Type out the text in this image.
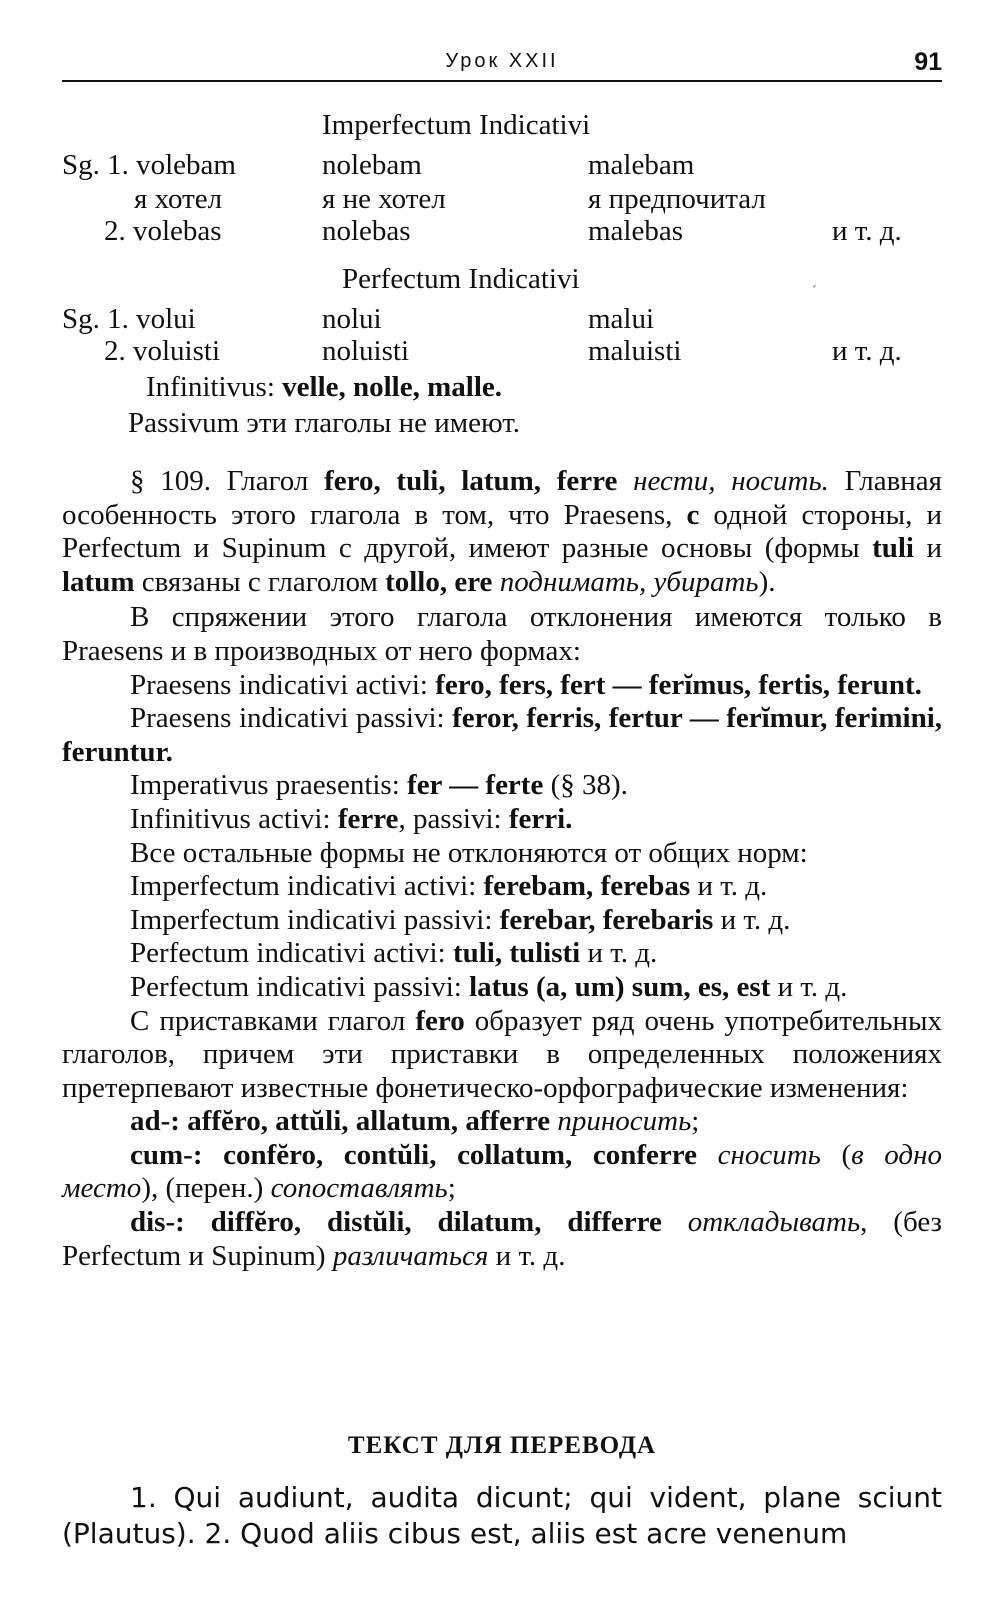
Урок XXII	91
Imperfectum Indicativi
Sg. 1. volebam	nolebam	malebam
я хотел	я не хотел	я предпочитал
2. volebas	nolebas	malebas	и т. д.
Perfectum Indicativi	ˊ
Sg. 1. volui	nolui	malui
2. voluisti	noluisti	maluisti	и т. д.
Infinitivus: velle, nolle, malle.
Passivum эти глаголы не имеют.

§ 109. Глагол fero, tuli, latum, ferre нести, носить. Главная особенность этого глагола в том, что Praesens, с одной стороны, и Perfectum и Supinum с другой, имеют разные основы (формы tuli и latum связаны с глаголом tollo, ere поднимать, убирать).

В спряжении этого глагола отклонения имеются только в Praesens и в производных от него формах:

Praesens indicativi activi: fero, fers, fert — ferĭmus, fertis, ferunt.

Praesens indicativi passivi: feror, ferris, fertur — ferĭmur, ferimini, feruntur.

Imperativus praesentis: fer — ferte (§ 38).

Infinitivus activi: ferre, passivi: ferri.

Все остальные формы не отклоняются от общих норм:

Imperfectum indicativi activi: ferebam, ferebas и т. д.

Imperfectum indicativi passivi: ferebar, ferebaris и т. д.

Perfectum indicativi activi: tuli, tulisti и т. д.

Perfectum indicativi passivi: latus (a, um) sum, es, est и т. д.

С приставками глагол fero образует ряд очень употребительных глаголов, причем эти приставки в определенных положениях претерпевают известные фонетическо-орфографические изменения:

ad-: affĕro, attŭli, allatum, afferre приносить;

cum-: confĕro, contŭli, collatum, conferre сносить (в одно место), (перен.) сопоставлять;

dis-: diffĕro, distŭli, dilatum, differre откладывать, (без Perfectum и Supinum) различаться и т. д.

ТЕКСТ ДЛЯ ПЕРЕВОДА

1. Qui audiunt, audita dicunt; qui vident, plane sciunt (Plautus). 2. Quod aliis cibus est, aliis est acre venenum
